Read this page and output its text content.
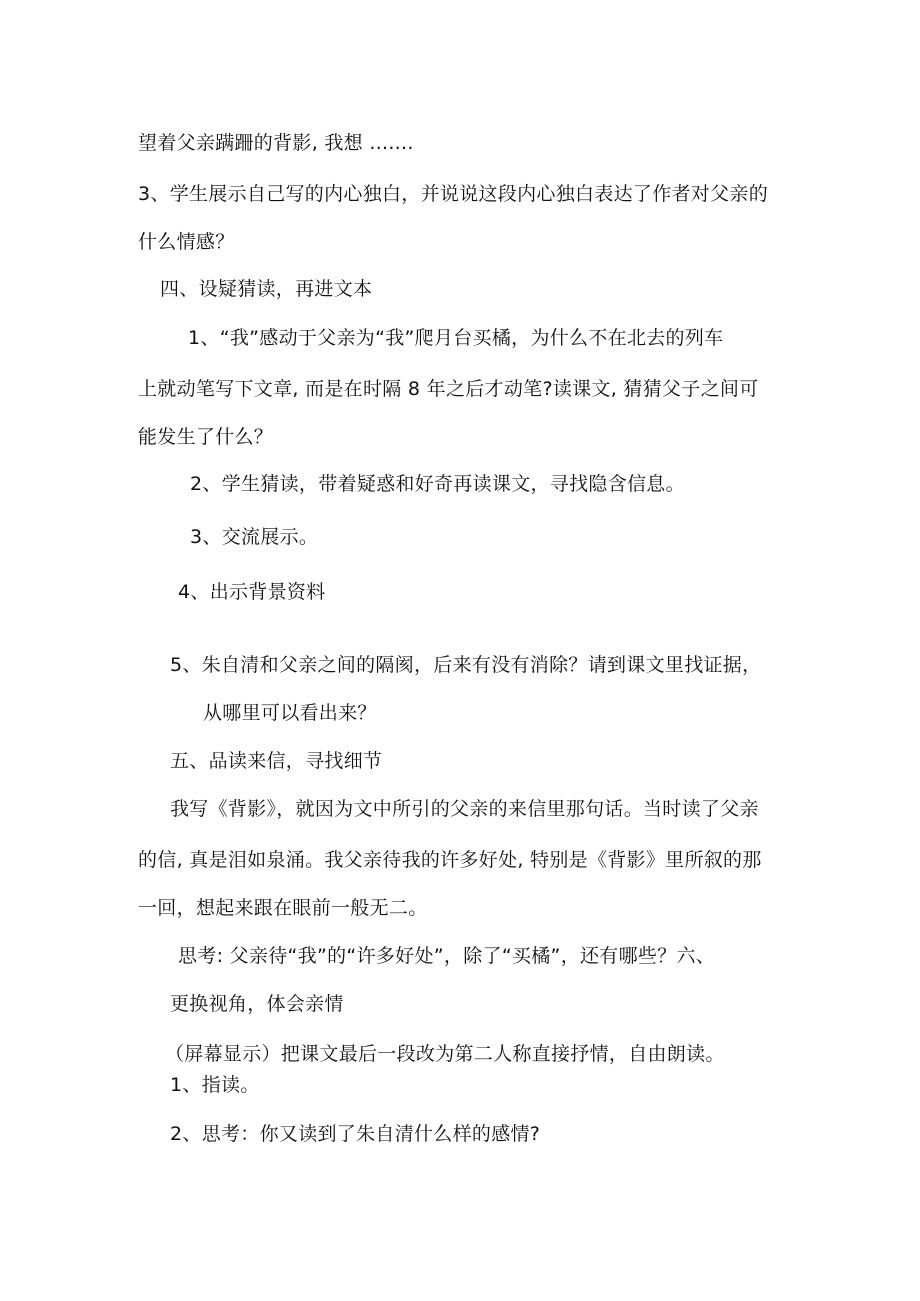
望着父亲蹒跚的背影, 我想 .......
3、学生展示自己写的内心独白，并说说这段内心独白表达了作者对父亲的
什么情感？
四、设疑猜读，再进文本
1、“我”感动于父亲为“我”爬月台买橘，为什么不在北去的列车
上就动笔写下文章, 而是在时隔 8 年之后才动笔?读课文, 猜猜父子之间可
能发生了什么？
2、学生猜读，带着疑惑和好奇再读课文，寻找隐含信息。
3、交流展示。
4、出示背景资料
5、朱自清和父亲之间的隔阂，后来有没有消除？请到课文里找证据，
从哪里可以看出来？
五、品读来信，寻找细节
我写《背影》，就因为文中所引的父亲的来信里那句话。当时读了父亲
的信, 真是泪如泉涌。我父亲待我的许多好处, 特别是《背影》里所叙的那
一回，想起来跟在眼前一般无二。
思考: 父亲待“我”的“许多好处”，除了“买橘”，还有哪些？六、
更换视角，体会亲情
（屏幕显示）把课文最后一段改为第二人称直接抒情，自由朗读。
1、指读。
2、思考：你又读到了朱自清什么样的感情?
